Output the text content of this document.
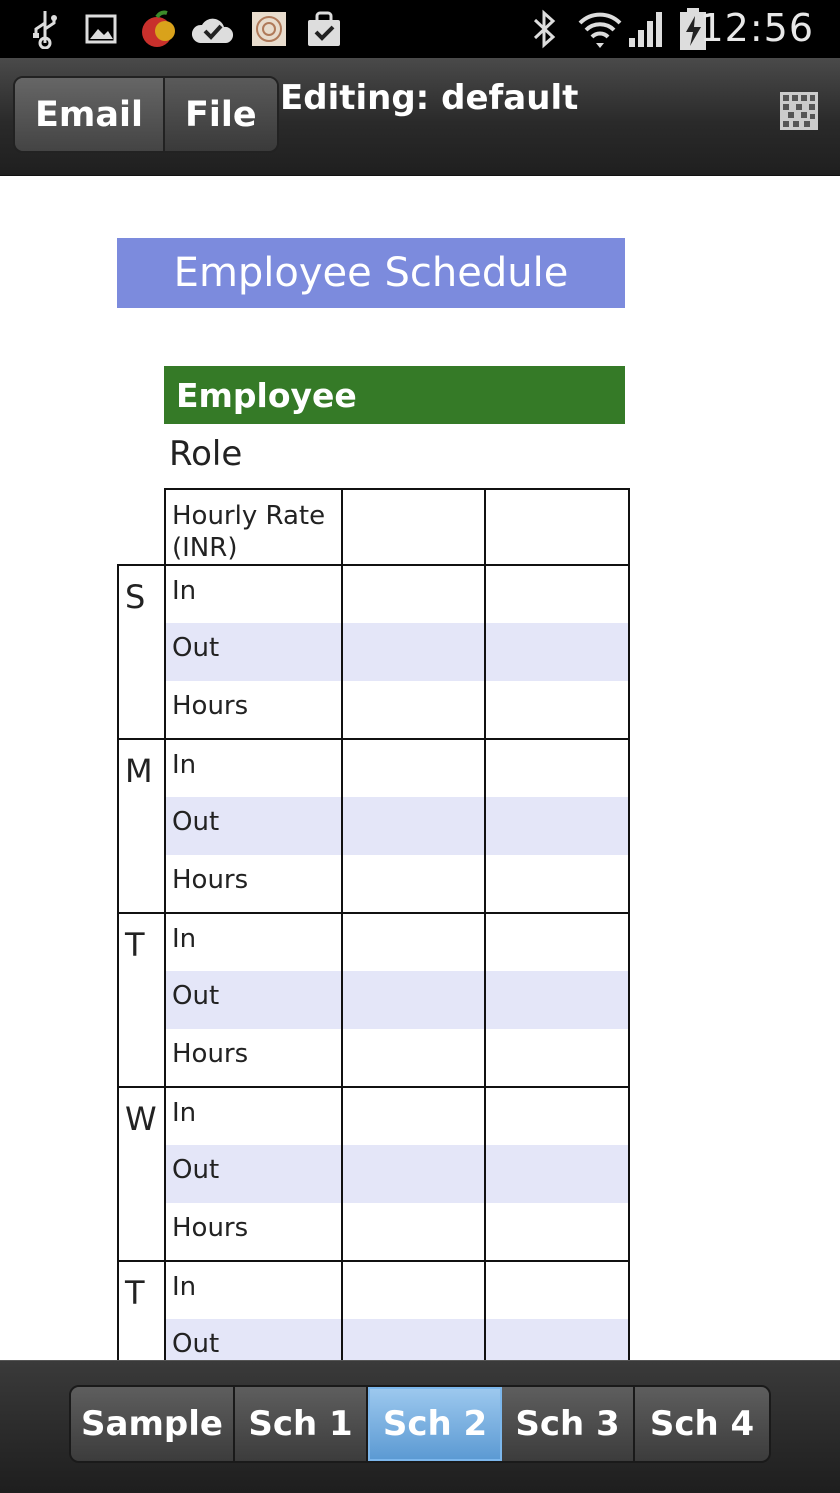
12:56
Email	File Editing: default
Employee Schedule
Employee
Role
	Hourly Rate (INR)		
S	In		
	Out		
	Hours		
M	In		
	Out		
	Hours		
T	In		
	Out		
	Hours		
W	In		
	Out		
	Hours		
T	In		
	Out		
Sample Sch 1 Sch 2 Sch 3 Sch 4
